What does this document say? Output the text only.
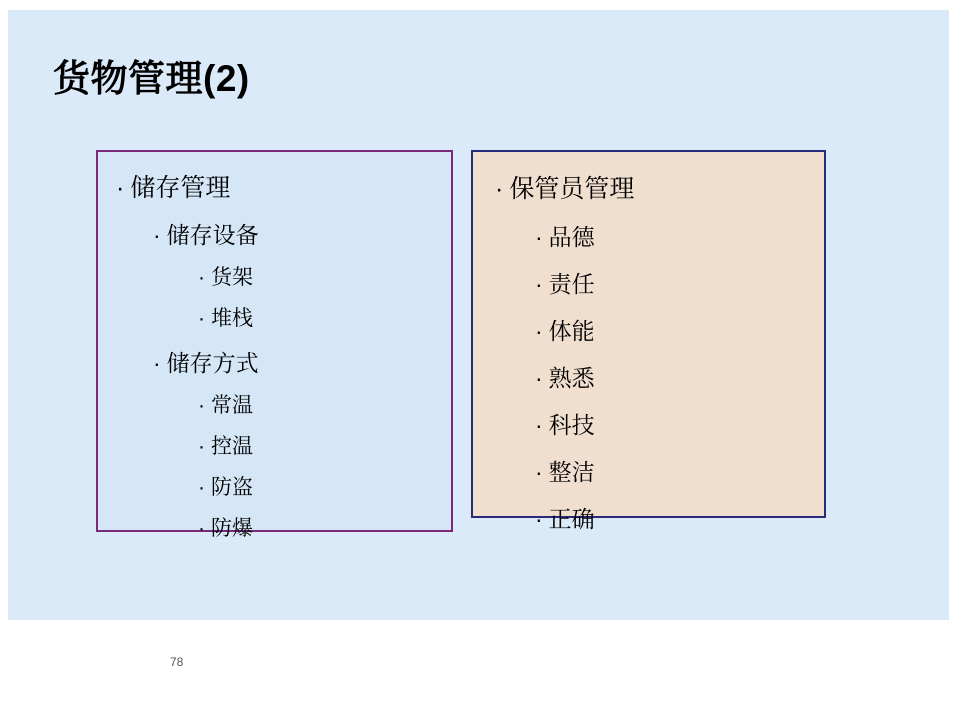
货物管理(2)
· 储存管理
· 储存设备
· 货架
· 堆栈
· 储存方式
· 常温
· 控温
· 防盗
· 防爆
· 保管员管理
· 品德
· 责任
· 体能
· 熟悉
· 科技
· 整洁
· 正确
78
